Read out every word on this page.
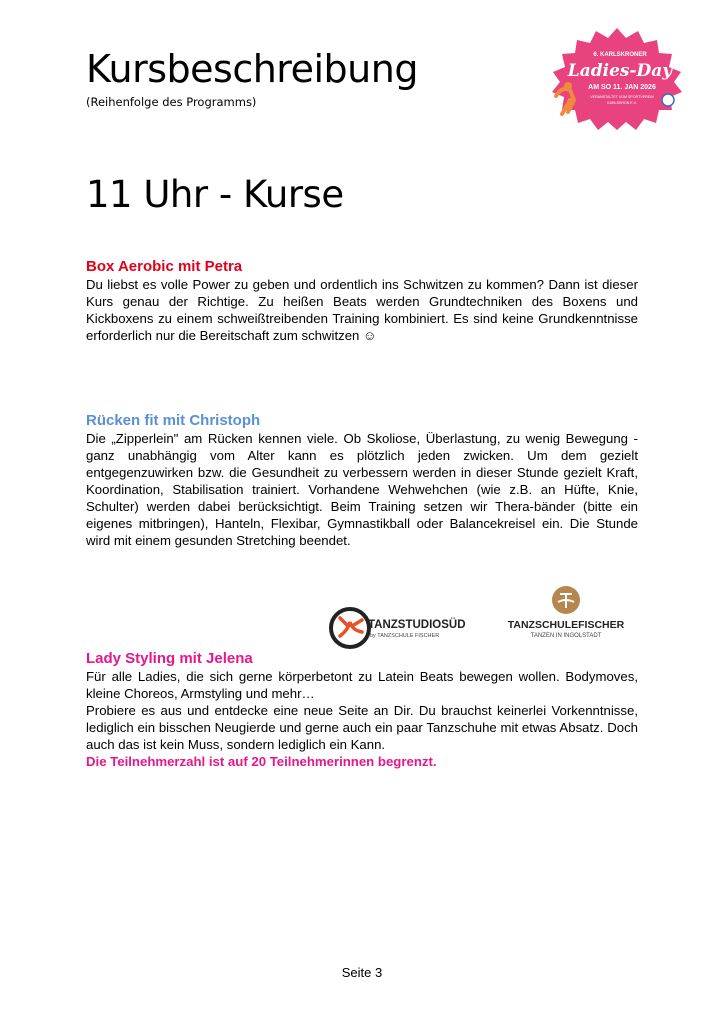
Kursbeschreibung
(Reihenfolge des Programms)
6. KARLSKRONER
Ladies-Day
AM SO 11. JAN 2026
VERANSTALTET VOM SPORTVEREIN
KARLSKRON E.V.
11 Uhr - Kurse
Box Aerobic mit Petra

Du liebst es volle Power zu geben und ordentlich ins Schwitzen zu kommen? Dann ist dieser Kurs genau der Richtige. Zu heißen Beats werden Grundtechniken des Boxens und Kickboxens zu einem schweißtreibenden Training kombiniert. Es sind keine Grundkenntnisse erforderlich nur die Bereitschaft zum schwitzen ☺

Rücken fit mit Christoph

Die „Zipperlein" am Rücken kennen viele. Ob Skoliose, Überlastung, zu wenig Bewegung - ganz unabhängig vom Alter kann es plötzlich jeden zwicken. Um dem gezielt entgegenzuwirken bzw. die Gesundheit zu verbessern werden in dieser Stunde gezielt Kraft, Koordination, Stabilisation trainiert. Vorhandene Wehwehchen (wie z.B. an Hüfte, Knie, Schulter) werden dabei berücksichtigt. Beim Training setzen wir Thera-bänder (bitte ein eigenes mitbringen), Hanteln, Flexibar, Gymnastikball oder Balancekreisel ein. Die Stunde wird mit einem gesunden Stretching beendet.

TANZSTUDIOSÜD
by TANZSCHULE FISCHER
TANZSCHULEFISCHER
TANZEN IN INGOLSTADT
Lady Styling mit Jelena

Für alle Ladies, die sich gerne körperbetont zu Latein Beats bewegen wollen. Bodymoves, kleine Choreos, Armstyling und mehr…

Probiere es aus und entdecke eine neue Seite an Dir. Du brauchst keinerlei Vorkenntnisse, lediglich ein bisschen Neugierde und gerne auch ein paar Tanzschuhe mit etwas Absatz. Doch auch das ist kein Muss, sondern lediglich ein Kann.

Die Teilnehmerzahl ist auf 20 Teilnehmerinnen begrenzt.
Seite 3
